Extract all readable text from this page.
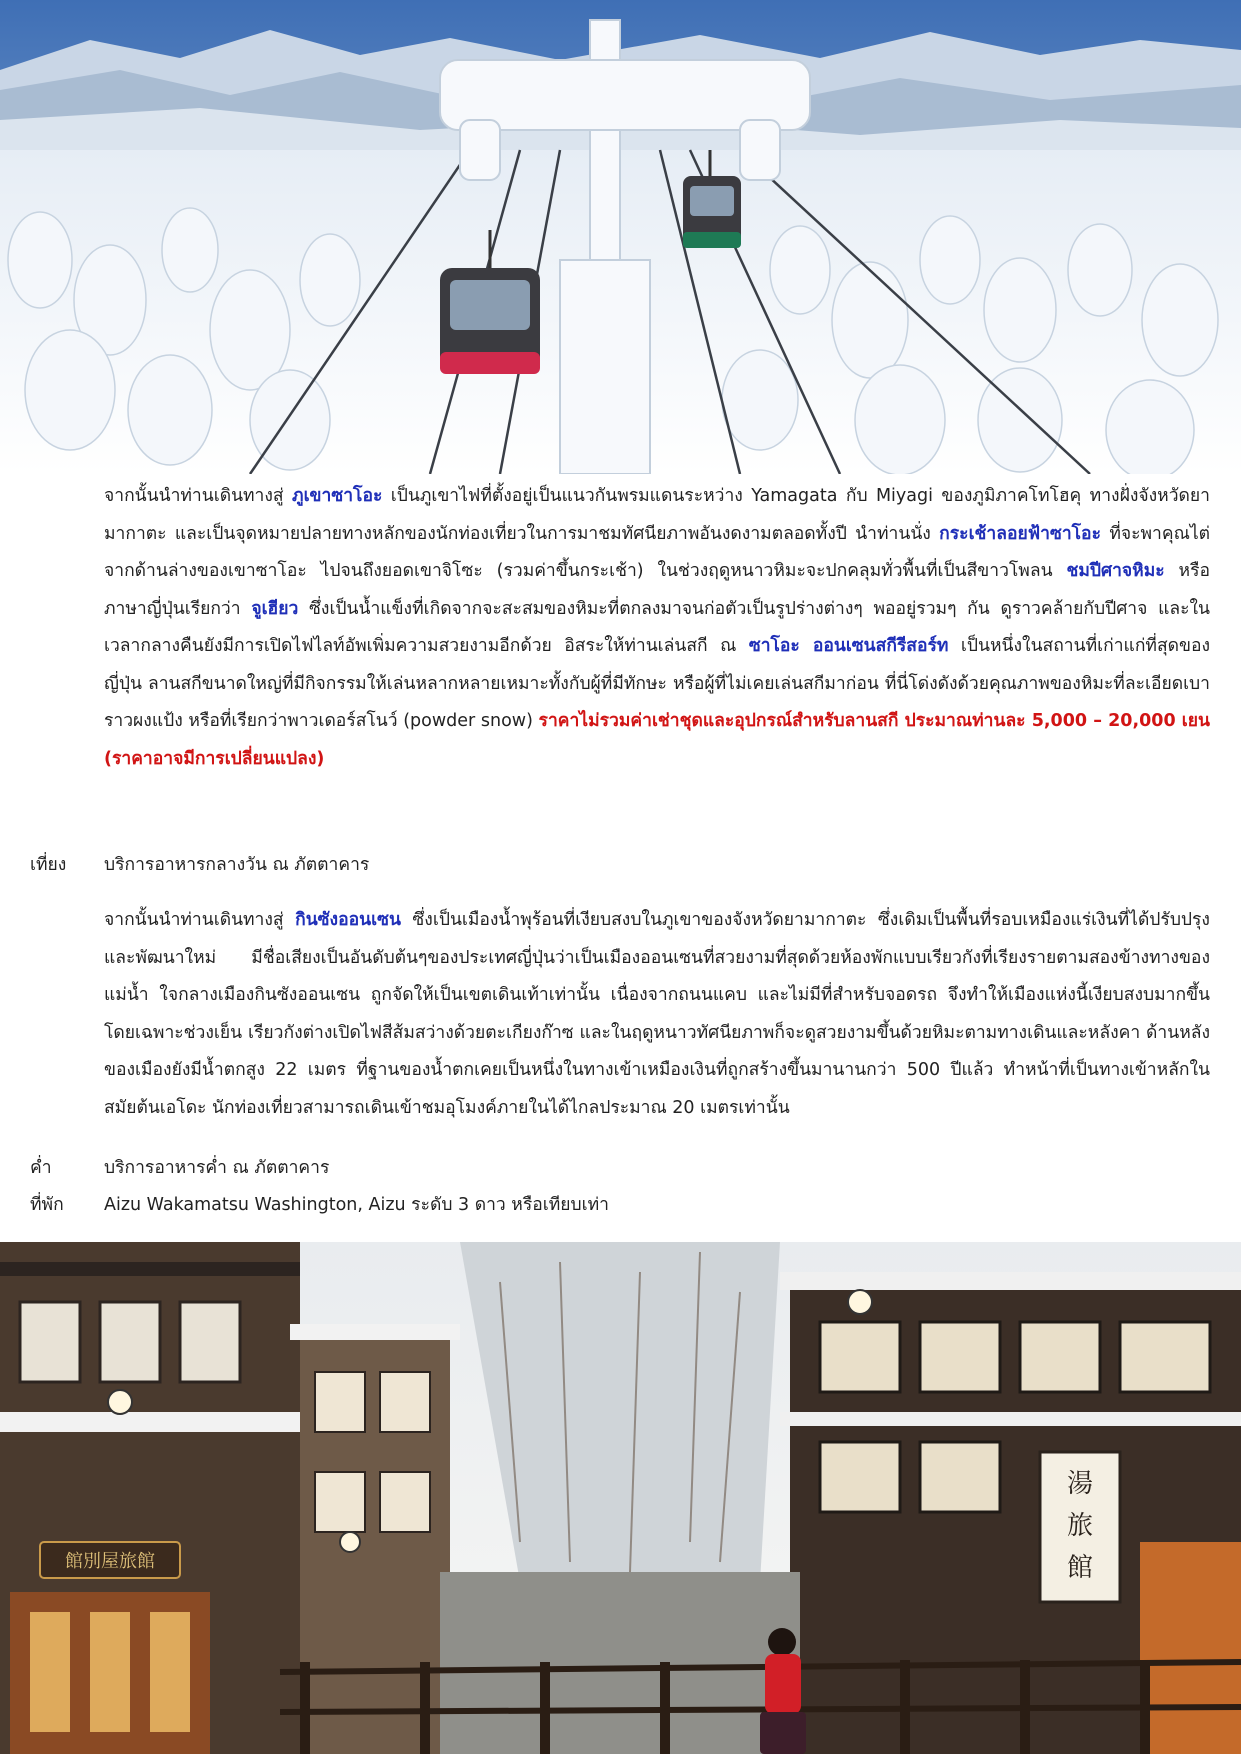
จากนั้นนำท่านเดินทางสู่ ภูเขาซาโอะ เป็นภูเขาไฟที่ตั้งอยู่เป็นแนวกันพรมแดนระหว่าง Yamagata กับ Miyagi ของภูมิภาคโทโฮคุ ทางฝั่งจังหวัดยามากาตะ และเป็นจุดหมายปลายทางหลักของนักท่องเที่ยวในการมาชมทัศนียภาพอันงดงามตลอดทั้งปี นำท่านนั่ง กระเช้าลอยฟ้าซาโอะ ที่จะพาคุณไต่จากด้านล่างของเขาซาโอะ ไปจนถึงยอดเขาจิโซะ (รวมค่าขึ้นกระเช้า) ในช่วงฤดูหนาวหิมะจะปกคลุมทั่วพื้นที่เป็นสีขาวโพลน ชมปีศาจหิมะ หรือภาษาญี่ปุ่นเรียกว่า จูเฮียว ซึ่งเป็นน้ำแข็งที่เกิดจากจะสะสมของหิมะที่ตกลงมาจนก่อตัวเป็นรูปร่างต่างๆ พออยู่รวมๆ กัน ดูราวคล้ายกับปีศาจ และในเวลากลางคืนยังมีการเปิดไฟไลท์อัพเพิ่มความสวยงามอีกด้วย อิสระให้ท่านเล่นสกี ณ ซาโอะ ออนเซนสกีรีสอร์ท เป็นหนึ่งในสถานที่เก่าแก่ที่สุดของญี่ปุ่น ลานสกีขนาดใหญ่ที่มีกิจกรรมให้เล่นหลากหลายเหมาะทั้งกับผู้ที่มีทักษะ หรือผู้ที่ไม่เคยเล่นสกีมาก่อน ที่นี่โด่งดังด้วยคุณภาพของหิมะที่ละเอียดเบาราวผงแป้ง หรือที่เรียกว่าพาวเดอร์สโนว์ (powder snow) ราคาไม่รวมค่าเช่าชุดและอุปกรณ์สำหรับลานสกี ประมาณท่านละ 5,000 – 20,000 เยน (ราคาอาจมีการเปลี่ยนแปลง)

เที่ยง	บริการอาหารกลางวัน ณ ภัตตาคาร

จากนั้นนำท่านเดินทางสู่ กินซังออนเซน ซึ่งเป็นเมืองน้ำพุร้อนที่เงียบสงบในภูเขาของจังหวัดยามากาตะ ซึ่งเดิมเป็นพื้นที่รอบเหมืองแร่เงินที่ได้ปรับปรุงและพัฒนาใหม่ มีชื่อเสียงเป็นอันดับต้นๆของประเทศญี่ปุ่นว่าเป็นเมืองออนเซนที่สวยงามที่สุดด้วยห้องพักแบบเรียวกังที่เรียงรายตามสองข้างทางของแม่น้ำ ใจกลางเมืองกินซังออนเซน ถูกจัดให้เป็นเขตเดินเท้าเท่านั้น เนื่องจากถนนแคบ และไม่มีที่สำหรับจอดรถ จึงทำให้เมืองแห่งนี้เงียบสงบมากขึ้น โดยเฉพาะช่วงเย็น เรียวกังต่างเปิดไฟสีส้มสว่างด้วยตะเกียงก๊าซ และในฤดูหนาวทัศนียภาพก็จะดูสวยงามขึ้นด้วยหิมะตามทางเดินและหลังคา ด้านหลังของเมืองยังมีน้ำตกสูง 22 เมตร ที่ฐานของน้ำตกเคยเป็นหนึ่งในทางเข้าเหมืองเงินที่ถูกสร้างขึ้นมานานกว่า 500 ปีแล้ว ทำหน้าที่เป็นทางเข้าหลักในสมัยต้นเอโดะ นักท่องเที่ยวสามารถเดินเข้าชมอุโมงค์ภายในได้ไกลประมาณ 20 เมตรเท่านั้น

ค่ำ	บริการอาหารค่ำ ณ ภัตตาคาร
ที่พัก	Aizu Wakamatsu Washington, Aizu ระดับ 3 ดาว หรือเทียบเท่า
館別屋旅館
湯
旅
館
